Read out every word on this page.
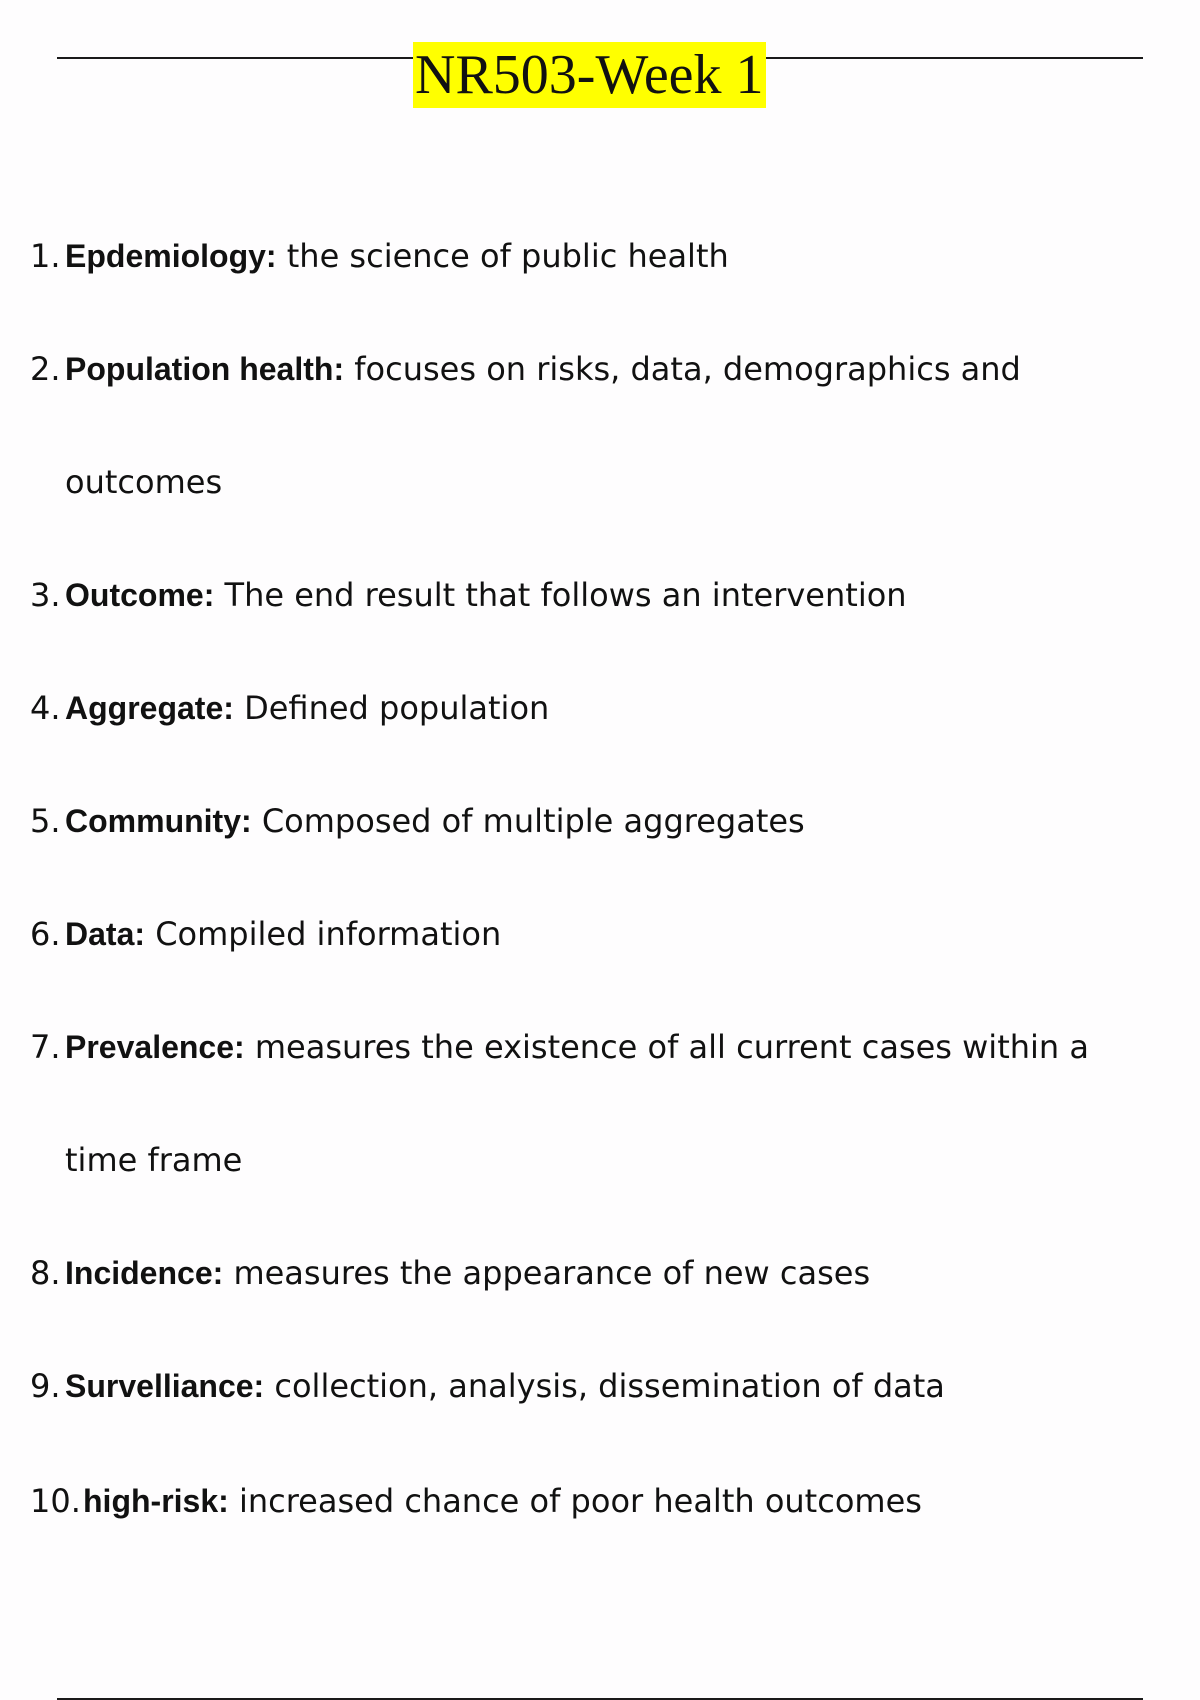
NR503-Week 1
1. Epdemiology: the science of public health
2. Population health: focuses on risks, data, demographics and outcomes
3. Outcome: The end result that follows an intervention
4. Aggregate: Defined population
5. Community: Composed of multiple aggregates
6. Data: Compiled information
7. Prevalence: measures the existence of all current cases within a time frame
8. Incidence: measures the appearance of new cases
9. Survelliance: collection, analysis, dissemination of data
10. high-risk: increased chance of poor health outcomes
